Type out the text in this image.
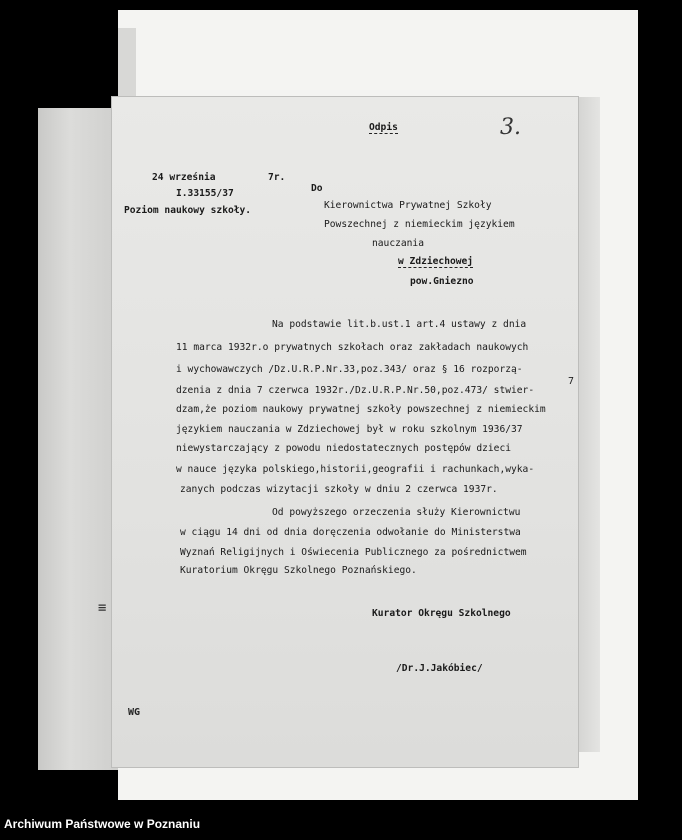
≡
WG
Odpis	3.
24 września	7r.
I.33155/37
Poziom naukowy szkoły.
Do
Kierownictwa Prywatnej Szkoły
Powszechnej z niemieckim językiem
nauczania
w Zdziechowej
pow.Gniezno
Na podstawie lit.b.ust.1 art.4 ustawy z dnia
11 marca 1932r.o prywatnych szkołach oraz zakładach naukowych
i wychowawczych /Dz.U.R.P.Nr.33,poz.343/ oraz § 16 rozporzą-
dzenia z dnia 7 czerwca 1932r./Dz.U.R.P.Nr.50,poz.473/ stwier-
dzam,że poziom naukowy prywatnej szkoły powszechnej z niemieckim
językiem nauczania w Zdziechowej był w roku szkolnym 1936/37
niewystarczający z powodu niedostatecznych postępów dzieci
w nauce języka polskiego,historii,geografii i rachunkach,wyka-
zanych podczas wizytacji szkoły w dniu 2 czerwca 1937r.
Od powyższego orzeczenia służy Kierownictwu
w ciągu 14 dni od dnia doręczenia odwołanie do Ministerstwa
Wyznań Religijnych i Oświecenia Publicznego za pośrednictwem
Kuratorium Okręgu Szkolnego Poznańskiego.
Kurator Okręgu Szkolnego
/Dr.J.Jakóbiec/
7
Archiwum Państwowe w Poznaniu
